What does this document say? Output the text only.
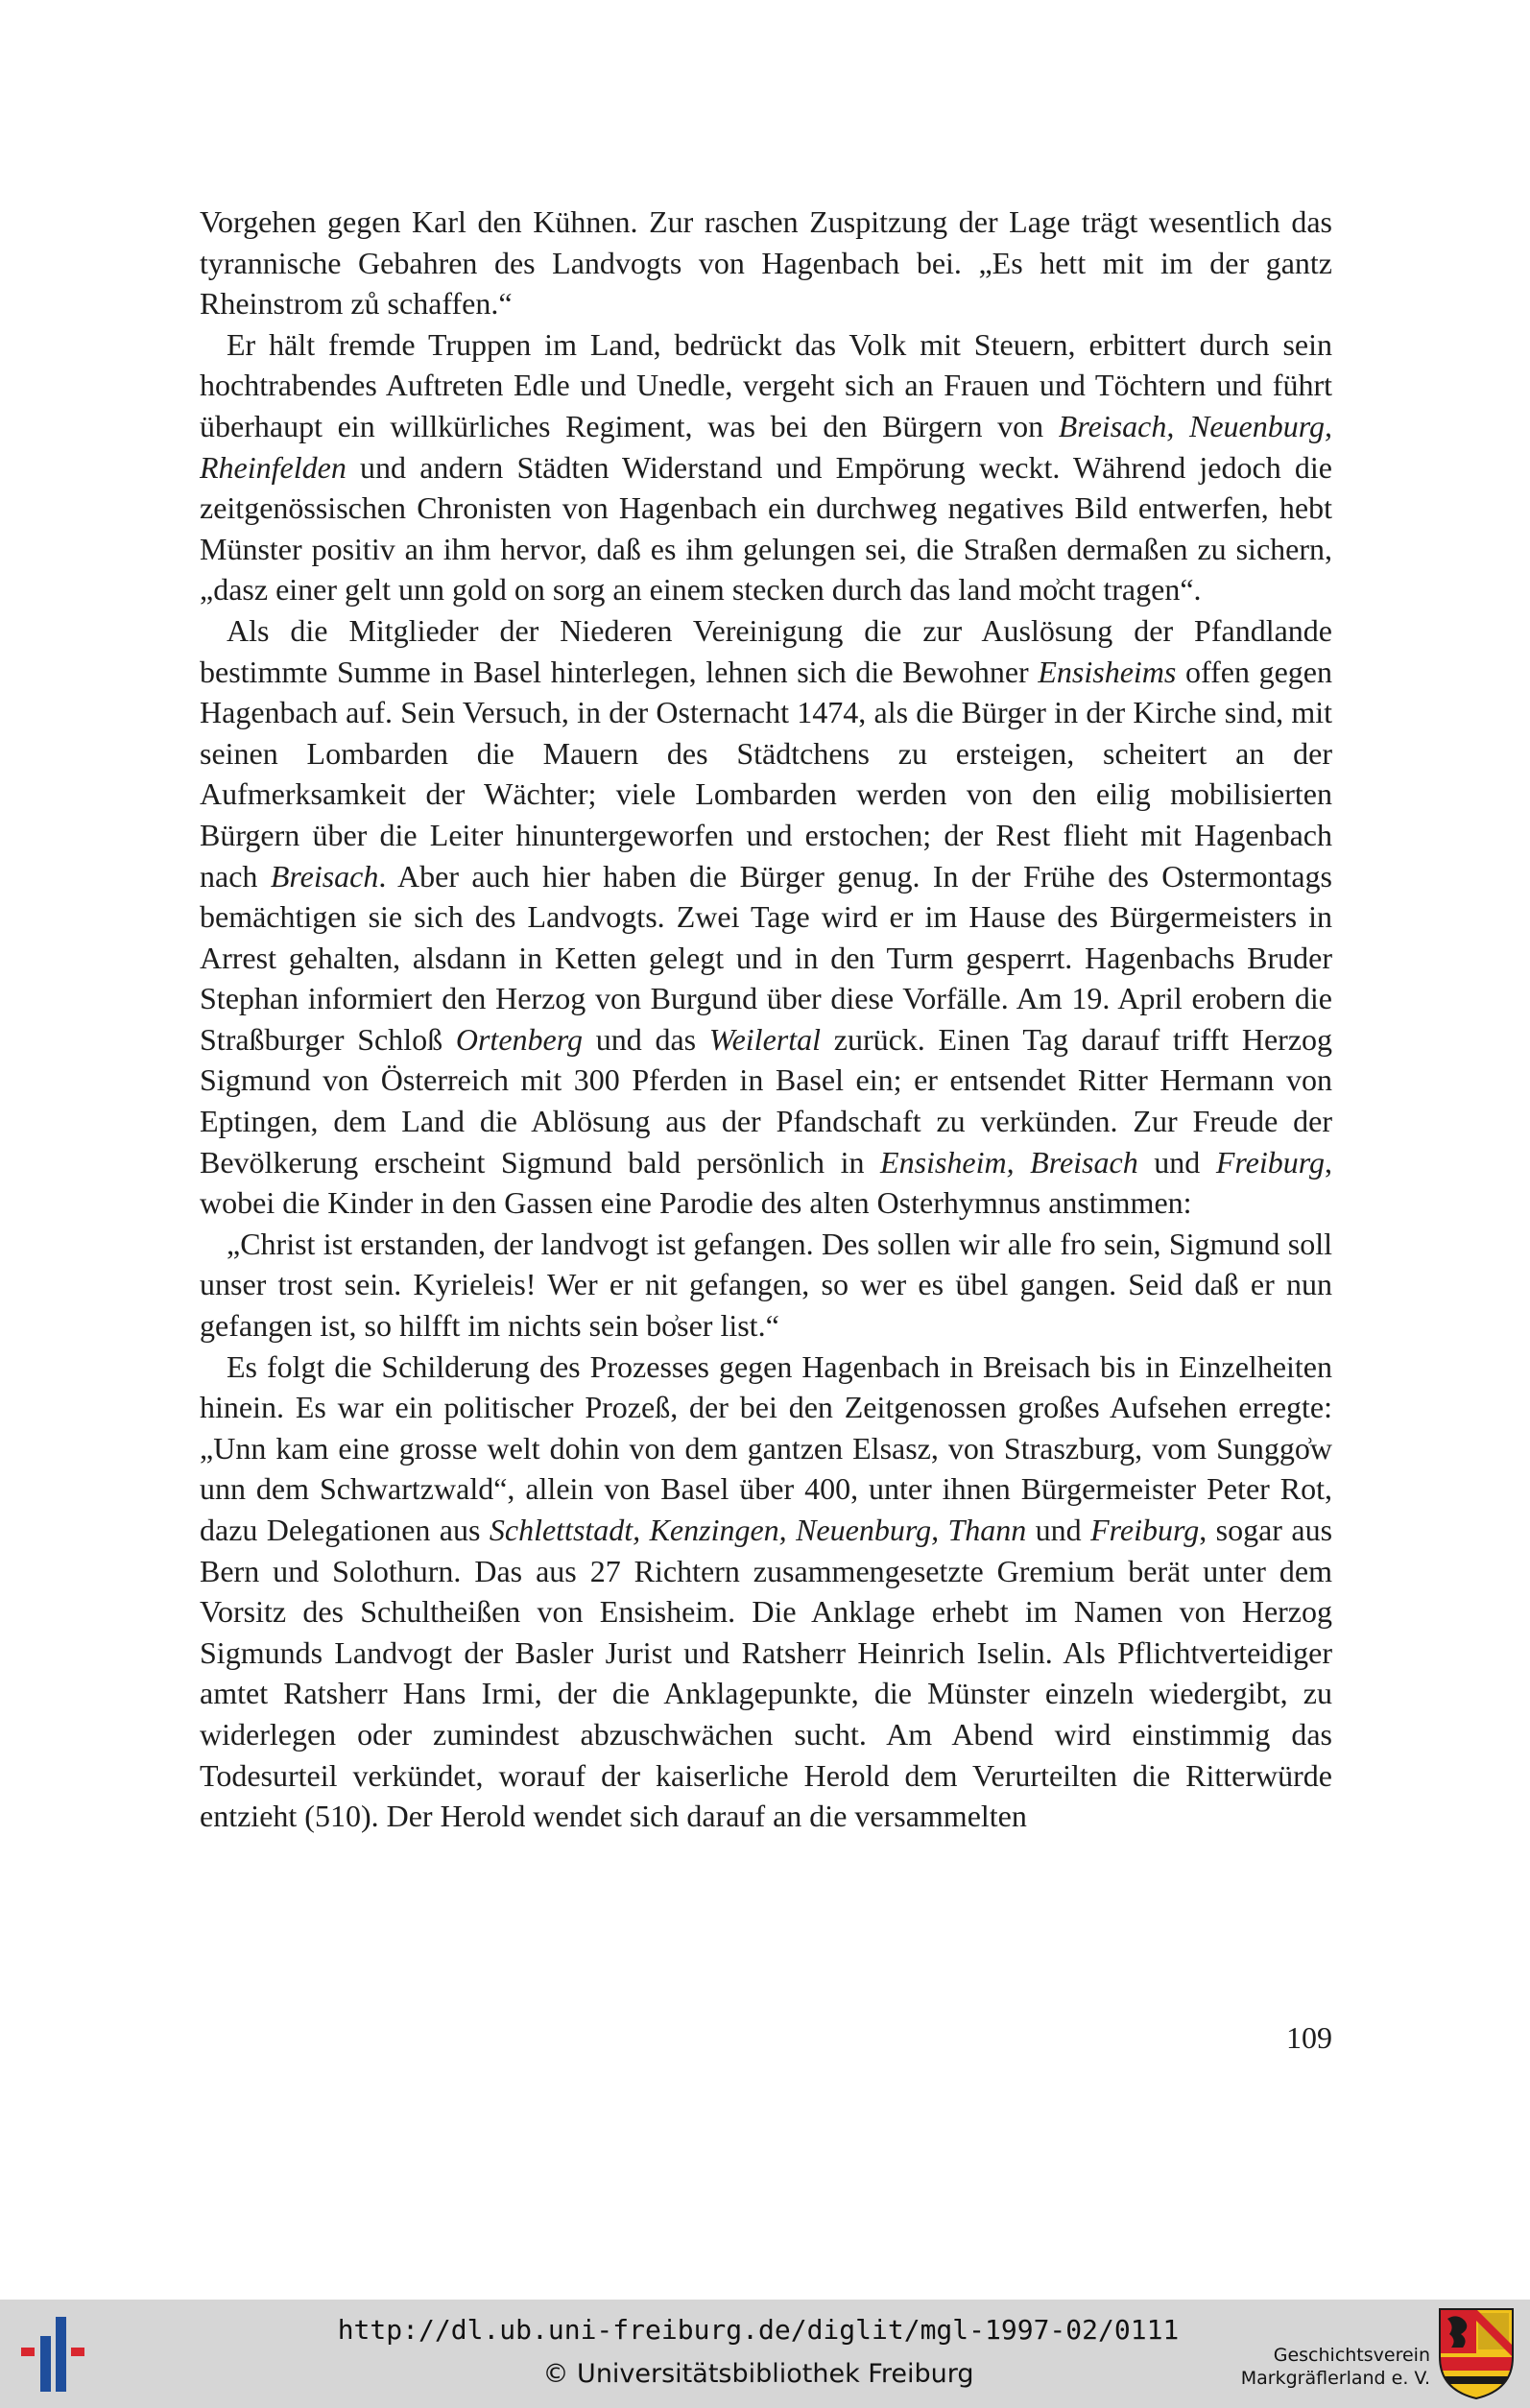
Vorgehen gegen Karl den Kühnen. Zur raschen Zuspitzung der Lage trägt wesentlich das tyrannische Gebahren des Landvogts von Hagenbach bei. „Es hett mit im der gantz Rheinstrom zů schaffen.“

Er hält fremde Truppen im Land, bedrückt das Volk mit Steuern, erbittert durch sein hochtrabendes Auftreten Edle und Unedle, vergeht sich an Frauen und Töchtern und führt überhaupt ein willkürliches Regiment, was bei den Bürgern von Breisach, Neuenburg, Rheinfelden und andern Städten Widerstand und Empörung weckt. Während jedoch die zeitgenössischen Chronisten von Hagenbach ein durchweg negatives Bild entwerfen, hebt Münster positiv an ihm hervor, daß es ihm gelungen sei, die Straßen dermaßen zu sichern, „dasz einer gelt unn gold on sorg an einem stecken durch das land mo͗cht tragen“.

Als die Mitglieder der Niederen Vereinigung die zur Auslösung der Pfandlande bestimmte Summe in Basel hinterlegen, lehnen sich die Bewohner Ensisheims offen gegen Hagenbach auf. Sein Versuch, in der Osternacht 1474, als die Bürger in der Kirche sind, mit seinen Lombarden die Mauern des Städtchens zu ersteigen, scheitert an der Aufmerksamkeit der Wächter; viele Lombarden werden von den eilig mobilisierten Bürgern über die Leiter hinuntergeworfen und erstochen; der Rest flieht mit Hagenbach nach Breisach. Aber auch hier haben die Bürger genug. In der Frühe des Ostermontags bemächtigen sie sich des Landvogts. Zwei Tage wird er im Hause des Bürgermeisters in Arrest gehalten, alsdann in Ketten gelegt und in den Turm gesperrt. Hagenbachs Bruder Stephan informiert den Herzog von Burgund über diese Vorfälle. Am 19. April erobern die Straßburger Schloß Ortenberg und das Weilertal zurück. Einen Tag darauf trifft Herzog Sigmund von Österreich mit 300 Pferden in Basel ein; er entsendet Ritter Hermann von Eptingen, dem Land die Ablösung aus der Pfandschaft zu verkünden. Zur Freude der Bevölkerung erscheint Sigmund bald persönlich in Ensisheim, Breisach und Freiburg, wobei die Kinder in den Gassen eine Parodie des alten Osterhymnus anstimmen:

„Christ ist erstanden, der landvogt ist gefangen. Des sollen wir alle fro sein, Sigmund soll unser trost sein. Kyrieleis! Wer er nit gefangen, so wer es übel gangen. Seid daß er nun gefangen ist, so hilfft im nichts sein bo͗ser list.“

Es folgt die Schilderung des Prozesses gegen Hagenbach in Breisach bis in Einzelheiten hinein. Es war ein politischer Prozeß, der bei den Zeitgenossen großes Aufsehen erregte: „Unn kam eine grosse welt dohin von dem gantzen Elsasz, von Straszburg, vom Sunggo͗w unn dem Schwartzwald“, allein von Basel über 400, unter ihnen Bürgermeister Peter Rot, dazu Delegationen aus Schlettstadt, Kenzingen, Neuenburg, Thann und Freiburg, sogar aus Bern und Solothurn. Das aus 27 Richtern zusammengesetzte Gremium berät unter dem Vorsitz des Schultheißen von Ensisheim. Die Anklage erhebt im Namen von Herzog Sigmunds Landvogt der Basler Jurist und Ratsherr Heinrich Iselin. Als Pflichtverteidiger amtet Ratsherr Hans Irmi, der die Anklagepunkte, die Münster einzeln wiedergibt, zu widerlegen oder zumindest abzuschwächen sucht. Am Abend wird einstimmig das Todesurteil verkündet, worauf der kaiserliche Herold dem Verurteilten die Ritterwürde entzieht (510). Der Herold wendet sich darauf an die versammelten

109
http://dl.ub.uni-freiburg.de/diglit/mgl-1997-02/0111
© Universitätsbibliothek Freiburg
Geschichtsverein
Markgräflerland e. V.
